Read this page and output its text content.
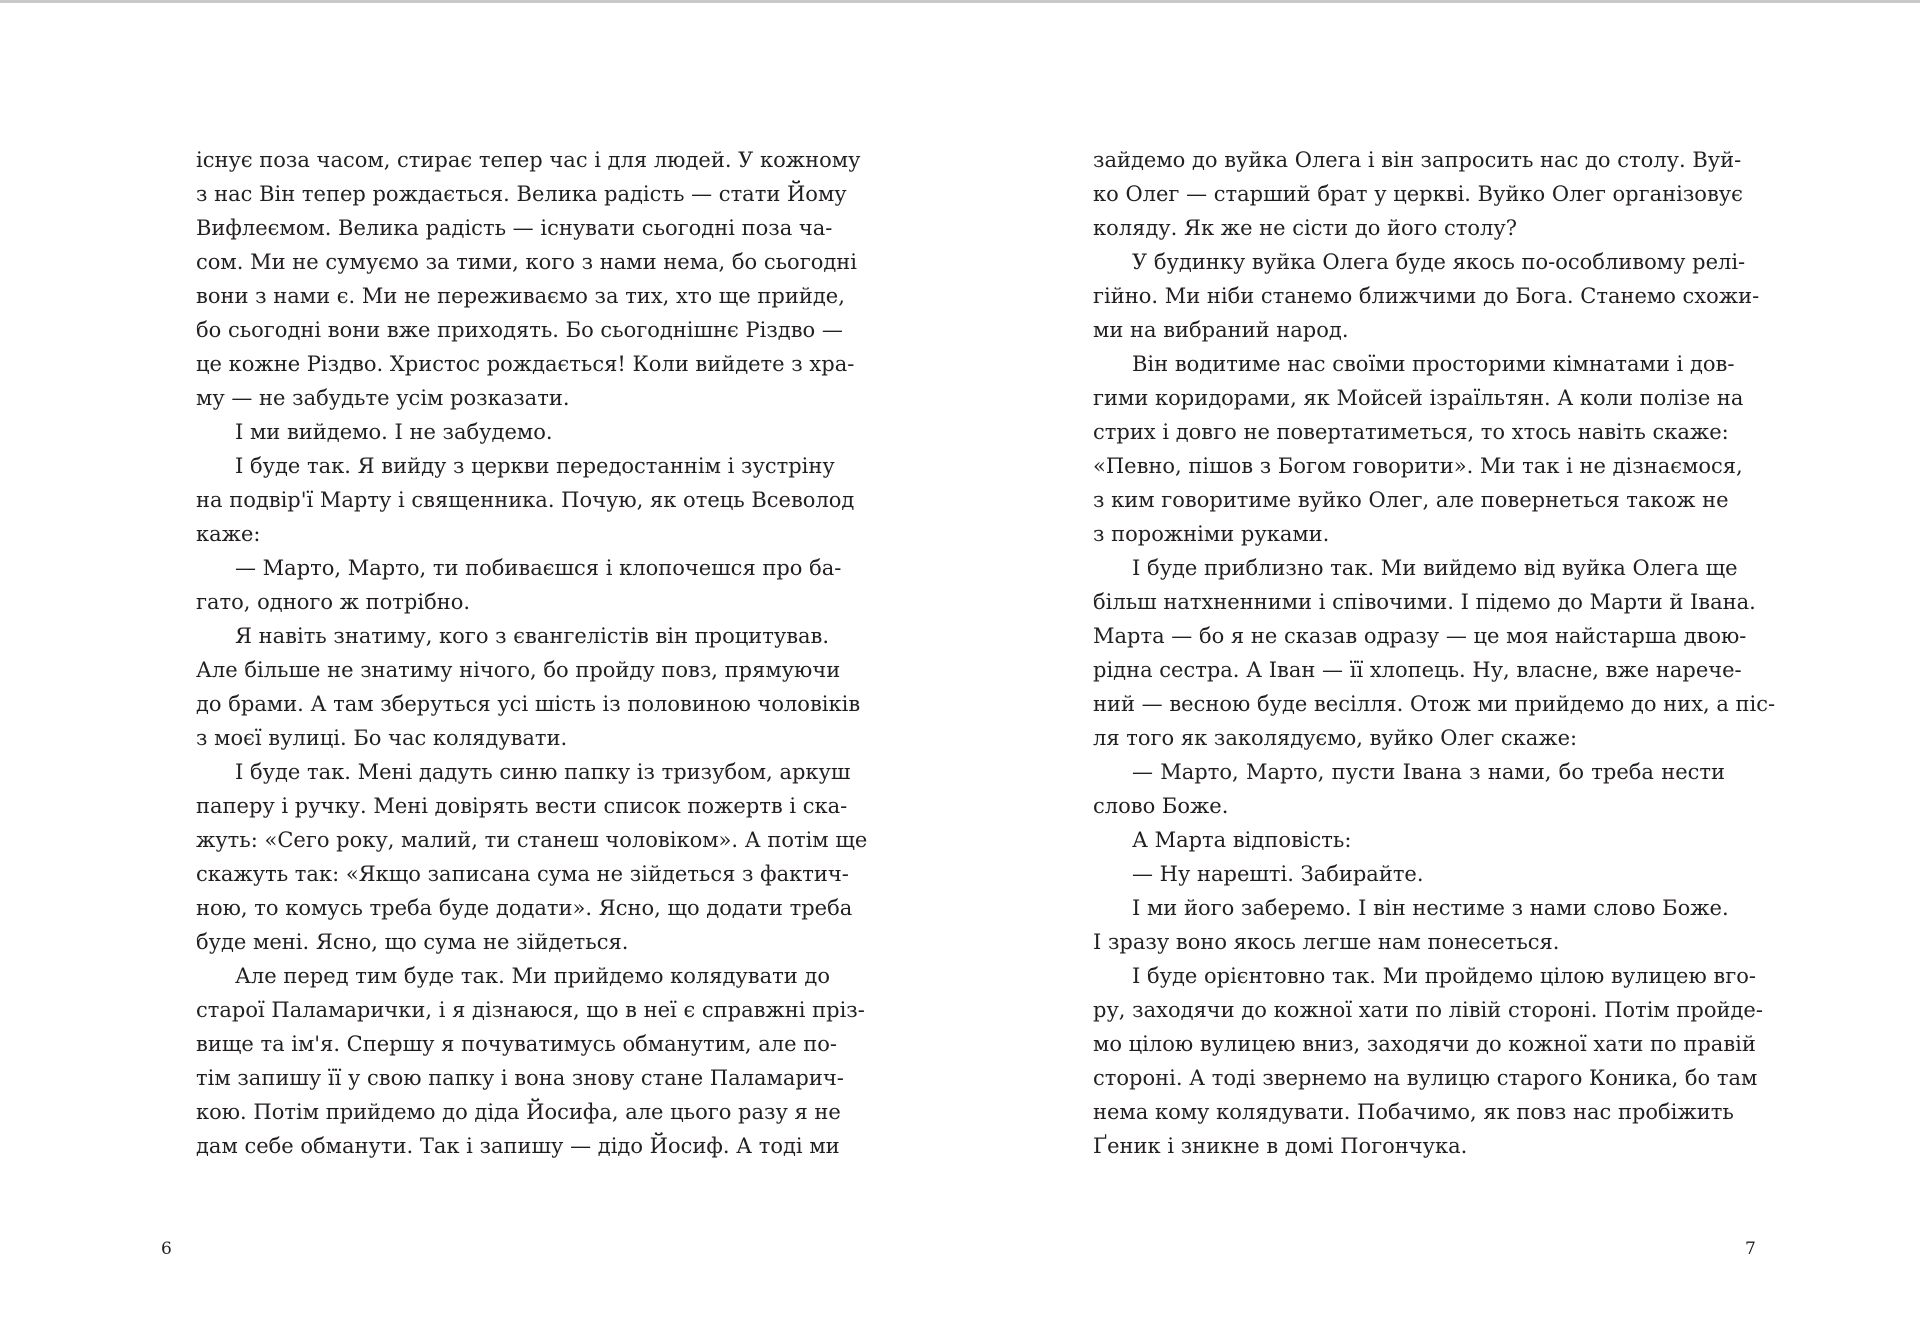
існує поза часом, стирає тепер час і для людей. У кожному
з нас Він тепер рождається. Велика радість — стати Йому
Вифлеємом. Велика радість — існувати сьогодні поза ча-
сом. Ми не сумуємо за тими, кого з нами нема, бо сьогодні
вони з нами є. Ми не переживаємо за тих, хто ще прийде,
бо сьогодні вони вже приходять. Бо сьогоднішнє Різдво —
це кожне Різдво. Христос рождається! Коли вийдете з хра-
му — не забудьте усім розказати.
І ми вийдемо. І не забудемо.
І буде так. Я вийду з церкви передостаннім і зустріну
на подвір'ї Марту і священника. Почую, як отець Всеволод
каже:
— Марто, Марто, ти побиваєшся і клопочешся про ба-
гато, одного ж потрібно.
Я навіть знатиму, кого з євангелістів він процитував.
Але більше не знатиму нічого, бо пройду повз, прямуючи
до брами. А там зберуться усі шість із половиною чоловіків
з моєї вулиці. Бо час колядувати.
І буде так. Мені дадуть синю папку із тризубом, аркуш
паперу і ручку. Мені довірять вести список пожертв і ска-
жуть: «Сего року, малий, ти станеш чоловіком». А потім ще
скажуть так: «Якщо записана сума не зійдеться з фактич-
ною, то комусь треба буде додати». Ясно, що додати треба
буде мені. Ясно, що сума не зійдеться.
Але перед тим буде так. Ми прийдемо колядувати до
старої Паламарички, і я дізнаюся, що в неї є справжні пріз-
вище та ім'я. Спершу я почуватимусь обманутим, але по-
тім запишу її у свою папку і вона знову стане Паламарич-
кою. Потім прийдемо до діда Йосифа, але цього разу я не
дам себе обманути. Так і запишу — дідо Йосиф. А тоді ми
6
зайдемо до вуйка Олега і він запросить нас до столу. Вуй-
ко Олег — старший брат у церкві. Вуйко Олег організовує
коляду. Як же не сісти до його столу?
У будинку вуйка Олега буде якось по-особливому релі-
гійно. Ми ніби станемо ближчими до Бога. Станемо схожи-
ми на вибраний народ.
Він водитиме нас своїми просторими кімнатами і дов-
гими коридорами, як Мойсей ізраїльтян. А коли полізе на
стрих і довго не повертатиметься, то хтось навіть скаже:
«Певно, пішов з Богом говорити». Ми так і не дізнаємося,
з ким говоритиме вуйко Олег, але повернеться також не
з порожніми руками.
І буде приблизно так. Ми вийдемо від вуйка Олега ще
більш натхненними і співочими. І підемо до Марти й Івана.
Марта — бо я не сказав одразу — це моя найстарша двою-
рідна сестра. А Іван — її хлопець. Ну, власне, вже нарече-
ний — весною буде весілля. Отож ми прийдемо до них, а піс-
ля того як заколядуємо, вуйко Олег скаже:
— Марто, Марто, пусти Івана з нами, бо треба нести
слово Боже.
А Марта відповість:
— Ну нарешті. Забирайте.
І ми його заберемо. І він нестиме з нами слово Боже.
І зразу воно якось легше нам понесеться.
І буде орієнтовно так. Ми пройдемо цілою вулицею вго-
ру, заходячи до кожної хати по лівій стороні. Потім пройде-
мо цілою вулицею вниз, заходячи до кожної хати по правій
стороні. А тоді звернемо на вулицю старого Коника, бо там
нема кому колядувати. Побачимо, як повз нас пробіжить
Ґеник і зникне в домі Погончука.
7
